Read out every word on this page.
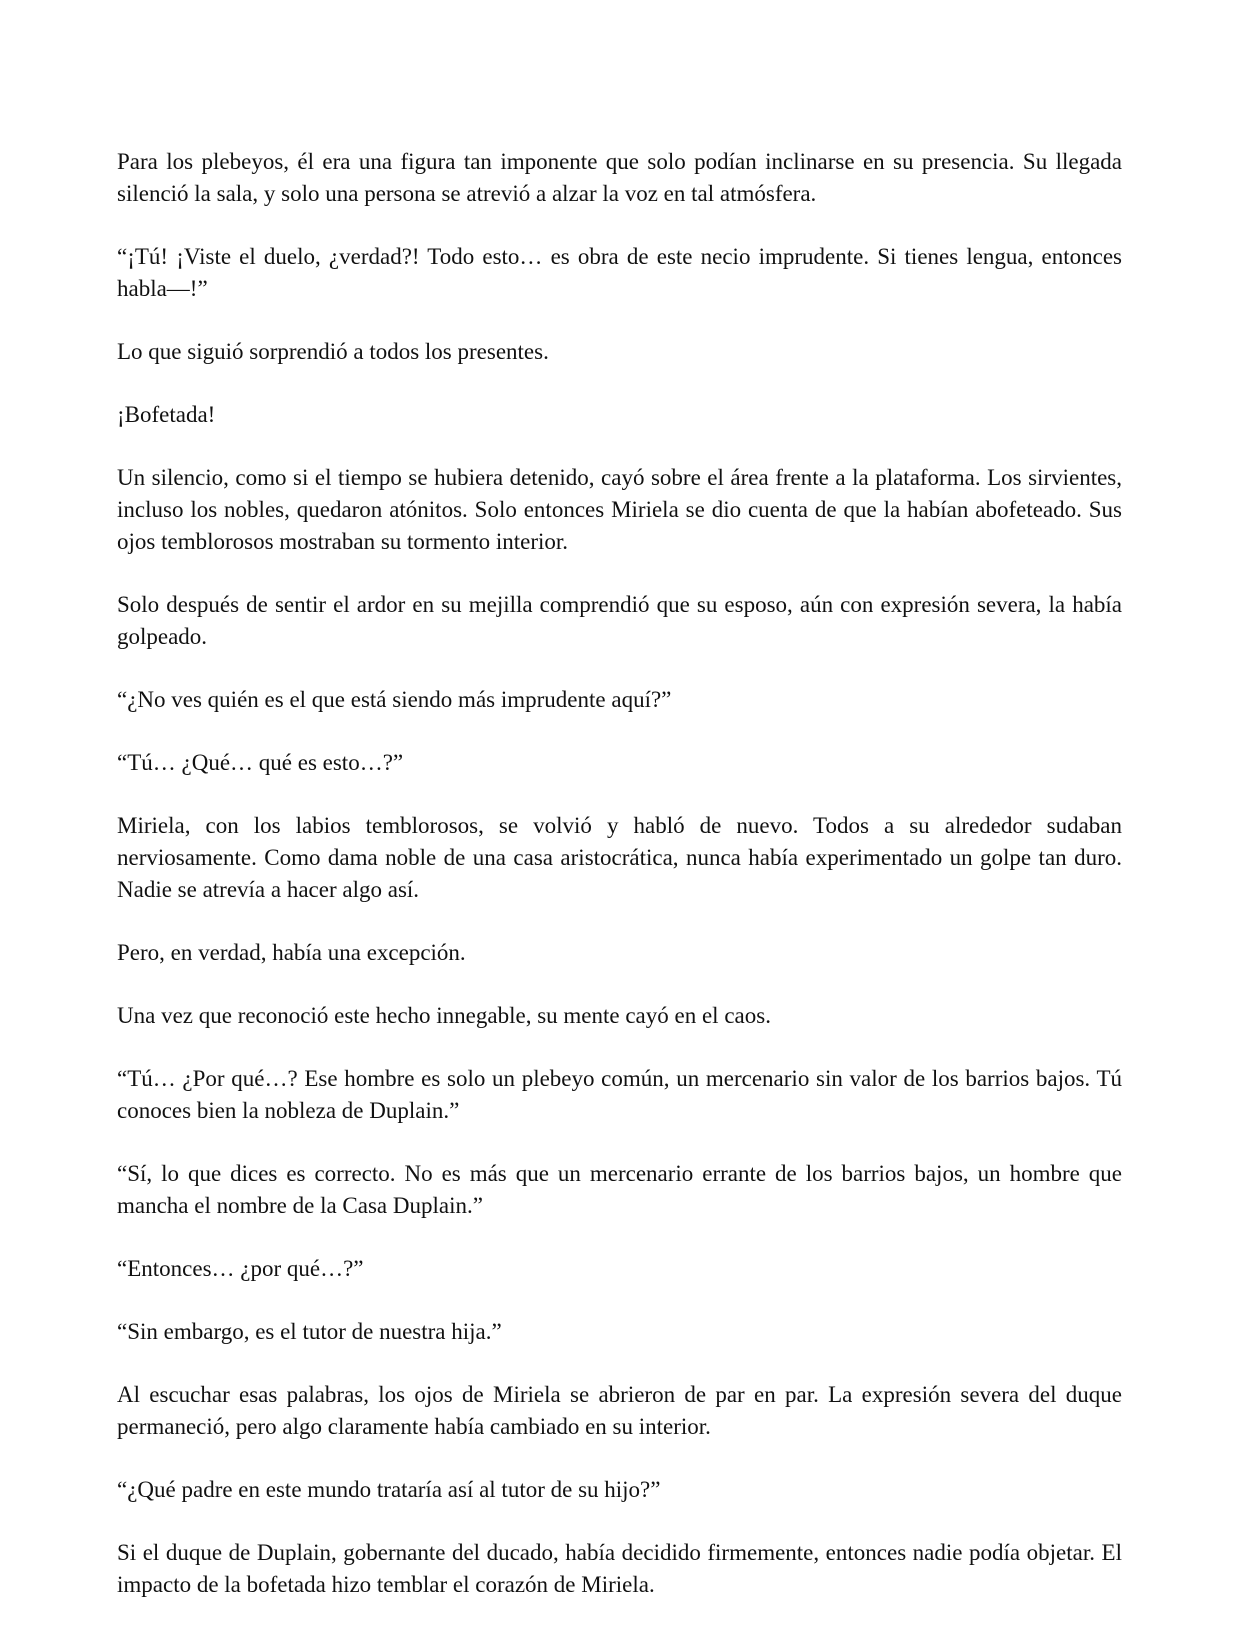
Para los plebeyos, él era una figura tan imponente que solo podían inclinarse en su presencia. Su llegada silenció la sala, y solo una persona se atrevió a alzar la voz en tal atmósfera.

“¡Tú! ¡Viste el duelo, ¿verdad?! Todo esto… es obra de este necio imprudente. Si tienes lengua, entonces habla—!”

Lo que siguió sorprendió a todos los presentes.

¡Bofetada!

Un silencio, como si el tiempo se hubiera detenido, cayó sobre el área frente a la plataforma. Los sirvientes, incluso los nobles, quedaron atónitos. Solo entonces Miriela se dio cuenta de que la habían abofeteado. Sus ojos temblorosos mostraban su tormento interior.

Solo después de sentir el ardor en su mejilla comprendió que su esposo, aún con expresión severa, la había golpeado.

“¿No ves quién es el que está siendo más imprudente aquí?”

“Tú… ¿Qué… qué es esto…?”

Miriela, con los labios temblorosos, se volvió y habló de nuevo. Todos a su alrededor sudaban nerviosamente. Como dama noble de una casa aristocrática, nunca había experimentado un golpe tan duro. Nadie se atrevía a hacer algo así.

Pero, en verdad, había una excepción.

Una vez que reconoció este hecho innegable, su mente cayó en el caos.

“Tú… ¿Por qué…? Ese hombre es solo un plebeyo común, un mercenario sin valor de los barrios bajos. Tú conoces bien la nobleza de Duplain.”

“Sí, lo que dices es correcto. No es más que un mercenario errante de los barrios bajos, un hombre que mancha el nombre de la Casa Duplain.”

“Entonces… ¿por qué…?”

“Sin embargo, es el tutor de nuestra hija.”

Al escuchar esas palabras, los ojos de Miriela se abrieron de par en par. La expresión severa del duque permaneció, pero algo claramente había cambiado en su interior.

“¿Qué padre en este mundo trataría así al tutor de su hijo?”

Si el duque de Duplain, gobernante del ducado, había decidido firmemente, entonces nadie podía objetar. El impacto de la bofetada hizo temblar el corazón de Miriela.
